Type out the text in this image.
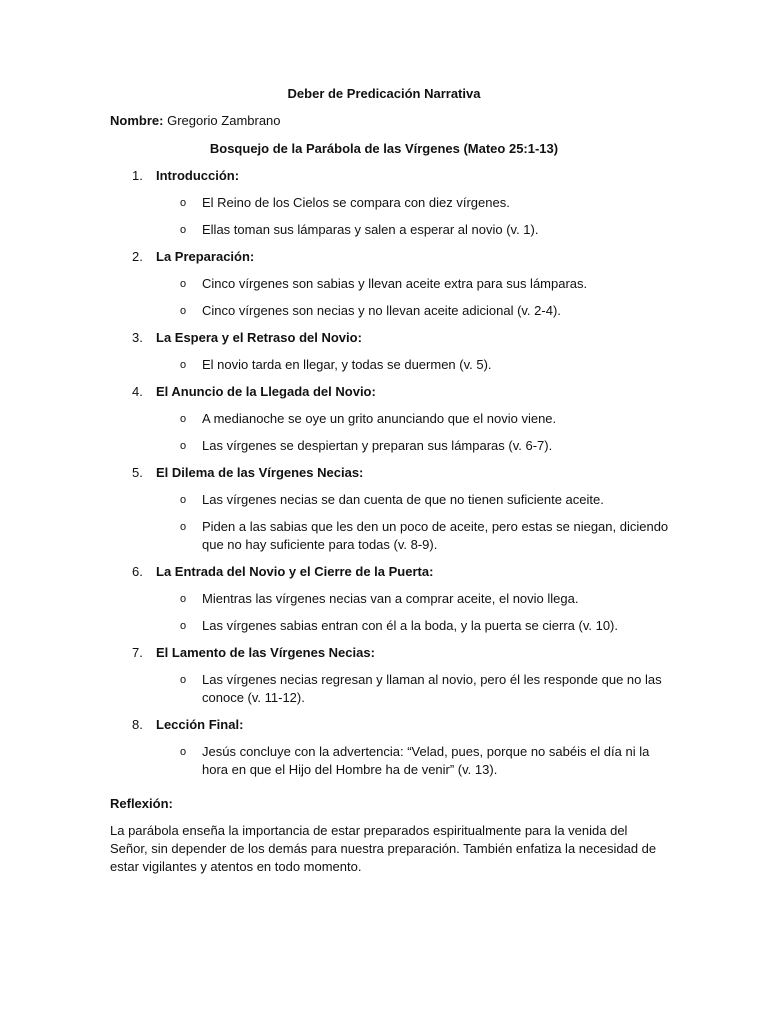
Deber de Predicación Narrativa
Nombre: Gregorio Zambrano
Bosquejo de la Parábola de las Vírgenes (Mateo 25:1-13)
1. Introducción:
o El Reino de los Cielos se compara con diez vírgenes.
o Ellas toman sus lámparas y salen a esperar al novio (v. 1).
2. La Preparación:
o Cinco vírgenes son sabias y llevan aceite extra para sus lámparas.
o Cinco vírgenes son necias y no llevan aceite adicional (v. 2-4).
3. La Espera y el Retraso del Novio:
o El novio tarda en llegar, y todas se duermen (v. 5).
4. El Anuncio de la Llegada del Novio:
o A medianoche se oye un grito anunciando que el novio viene.
o Las vírgenes se despiertan y preparan sus lámparas (v. 6-7).
5. El Dilema de las Vírgenes Necias:
o Las vírgenes necias se dan cuenta de que no tienen suficiente aceite.
o Piden a las sabias que les den un poco de aceite, pero estas se niegan, diciendo que no hay suficiente para todas (v. 8-9).
6. La Entrada del Novio y el Cierre de la Puerta:
o Mientras las vírgenes necias van a comprar aceite, el novio llega.
o Las vírgenes sabias entran con él a la boda, y la puerta se cierra (v. 10).
7. El Lamento de las Vírgenes Necias:
o Las vírgenes necias regresan y llaman al novio, pero él les responde que no las conoce (v. 11-12).
8. Lección Final:
o Jesús concluye con la advertencia: “Velad, pues, porque no sabéis el día ni la hora en que el Hijo del Hombre ha de venir” (v. 13).
Reflexión:
La parábola enseña la importancia de estar preparados espiritualmente para la venida del Señor, sin depender de los demás para nuestra preparación. También enfatiza la necesidad de estar vigilantes y atentos en todo momento.
